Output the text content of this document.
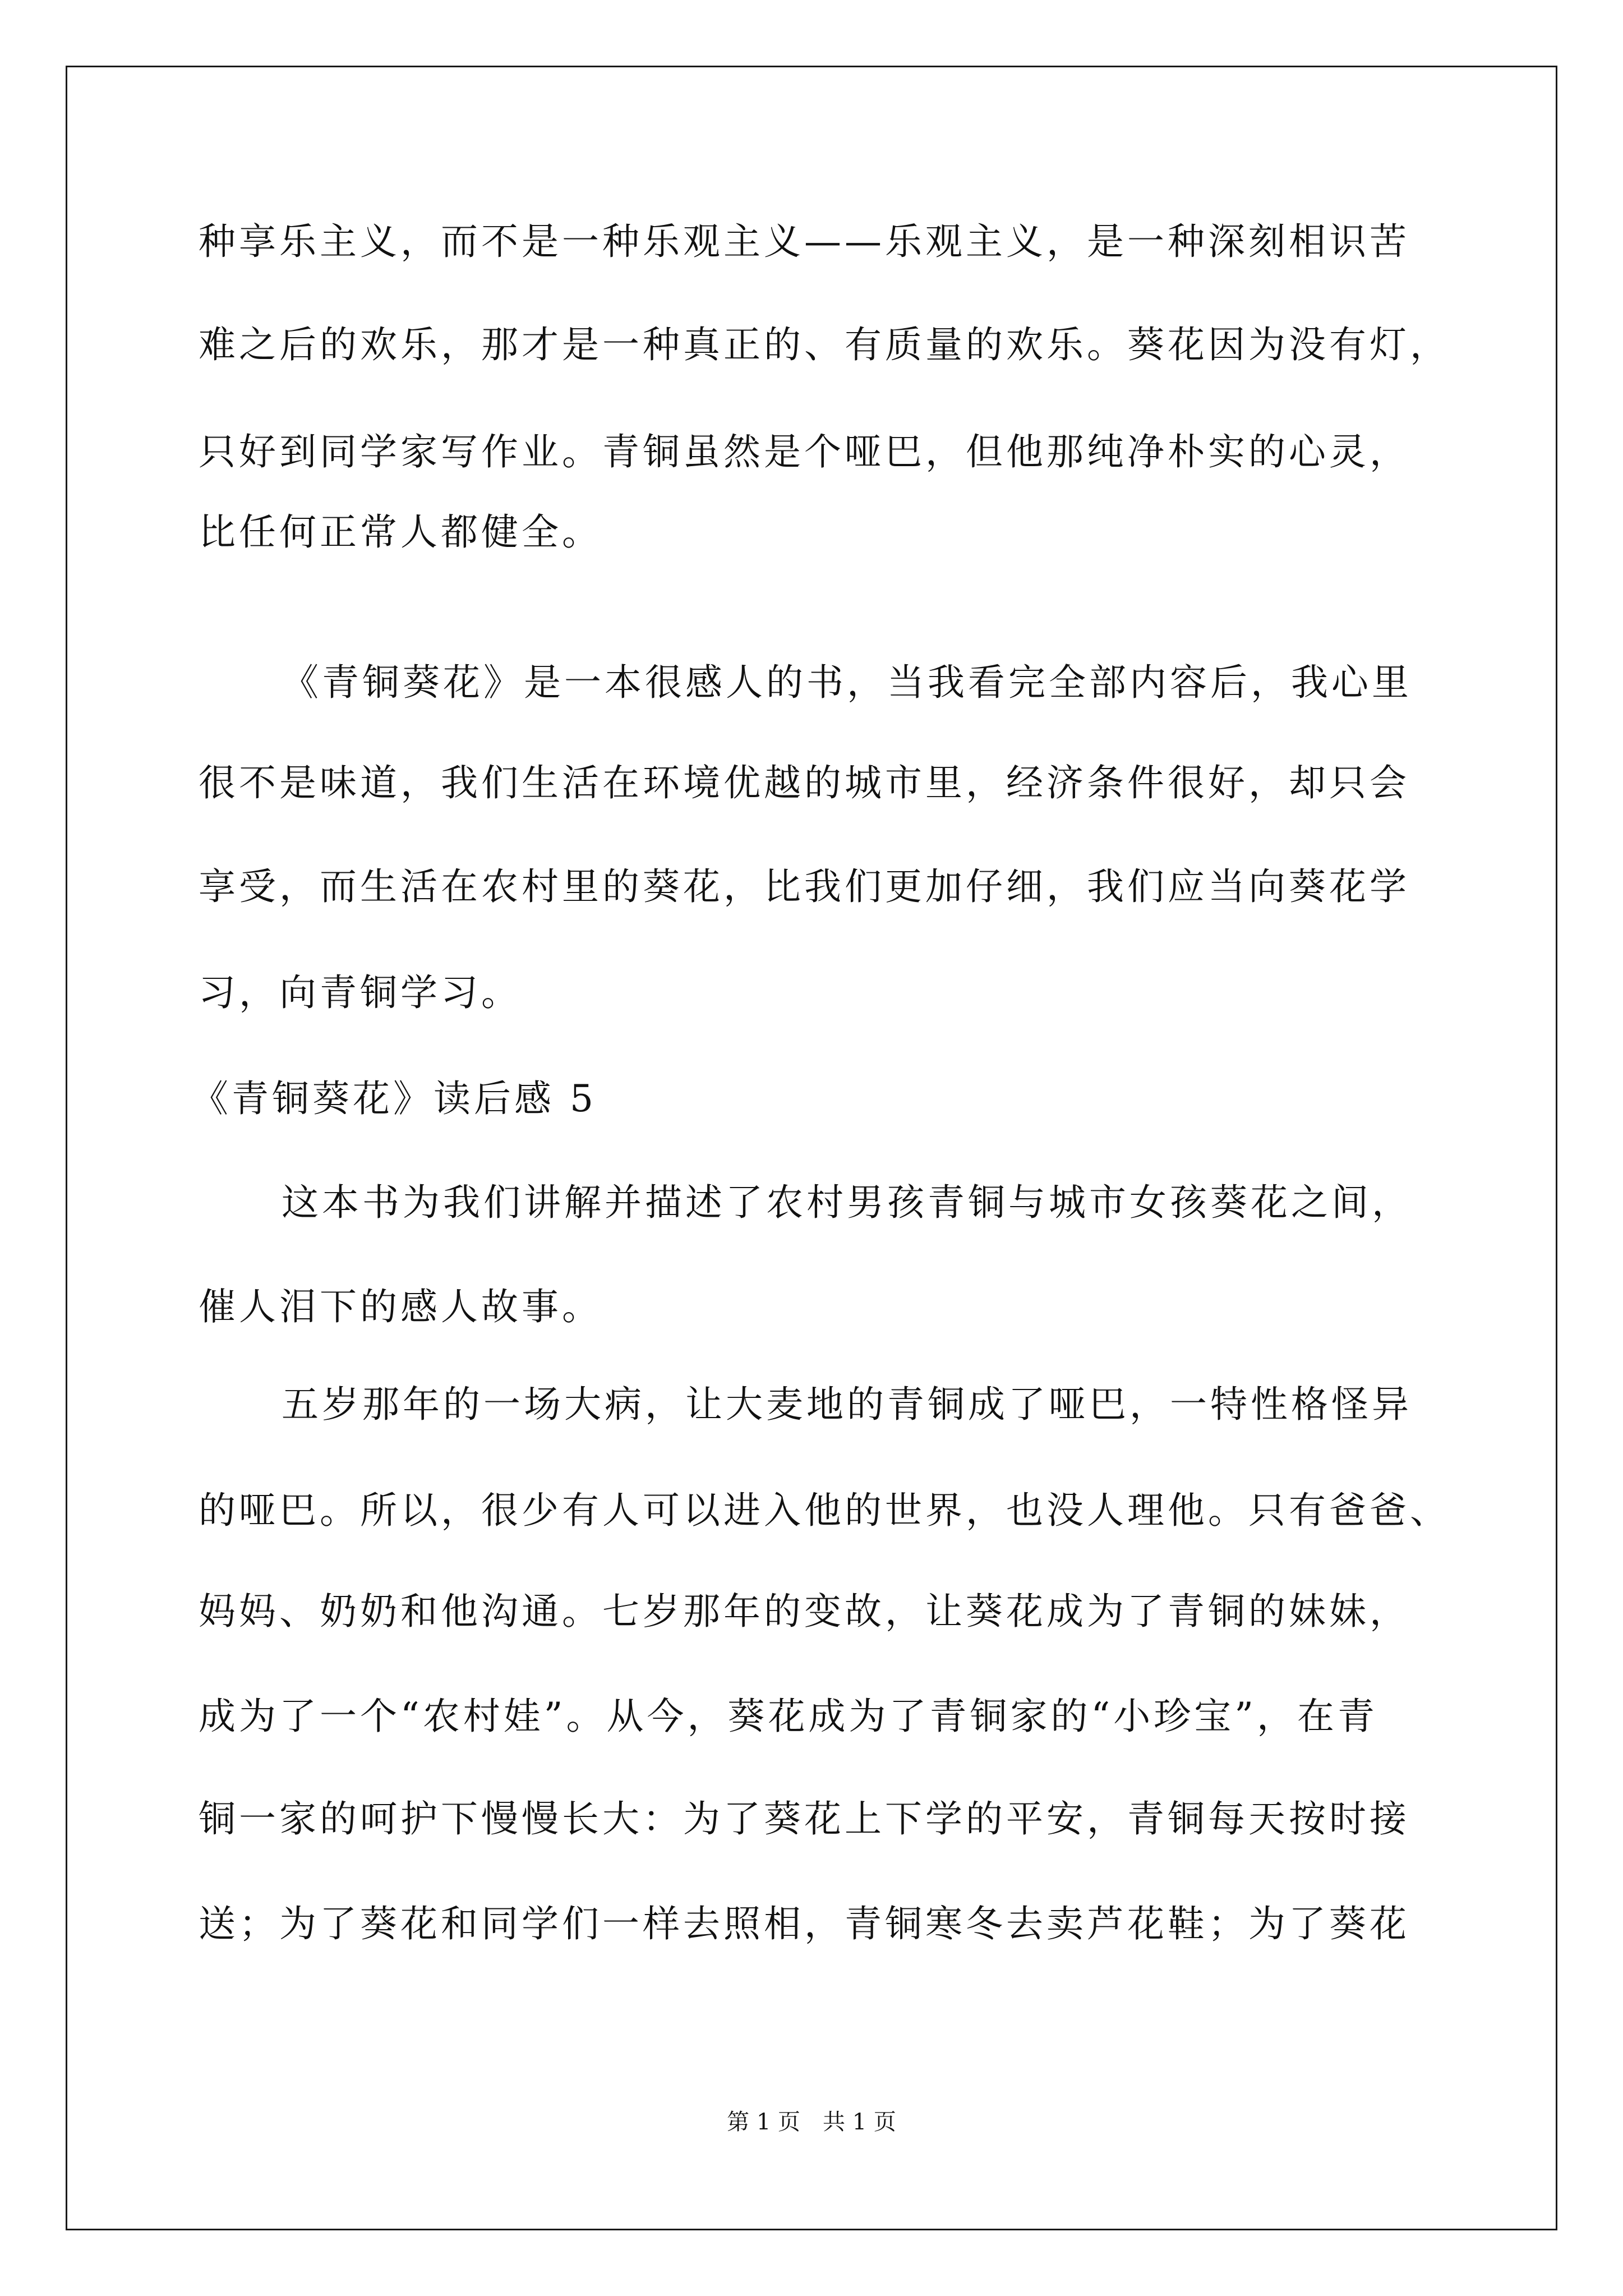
种享乐主义，而不是一种乐观主义——乐观主义，是一种深刻相识苦
难之后的欢乐，那才是一种真正的、有质量的欢乐。葵花因为没有灯，
只好到同学家写作业。青铜虽然是个哑巴，但他那纯净朴实的心灵，
比任何正常人都健全。
《青铜葵花》是一本很感人的书，当我看完全部内容后，我心里
很不是味道，我们生活在环境优越的城市里，经济条件很好，却只会
享受，而生活在农村里的葵花，比我们更加仔细，我们应当向葵花学
习，向青铜学习。
《青铜葵花》读后感 5
这本书为我们讲解并描述了农村男孩青铜与城市女孩葵花之间，
催人泪下的感人故事。
五岁那年的一场大病，让大麦地的青铜成了哑巴，一特性格怪异
的哑巴。所以，很少有人可以进入他的世界，也没人理他。只有爸爸、
妈妈、奶奶和他沟通。七岁那年的变故，让葵花成为了青铜的妹妹，
成为了一个“农村娃”。从今，葵花成为了青铜家的“小珍宝”，在青
铜一家的呵护下慢慢长大：为了葵花上下学的平安，青铜每天按时接
送；为了葵花和同学们一样去照相，青铜寒冬去卖芦花鞋；为了葵花
第 1 页　共 1 页
